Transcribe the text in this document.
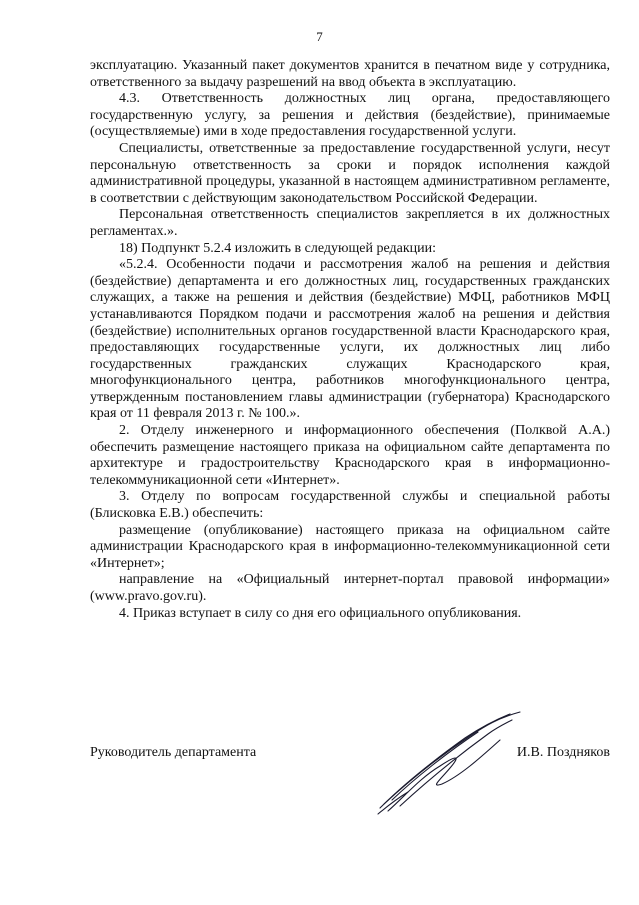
7

эксплуатацию. Указанный пакет документов хранится в печатном виде у сотрудника, ответственного за выдачу разрешений на ввод объекта в эксплуатацию.

4.3. Ответственность должностных лиц органа, предоставляющего государственную услугу, за решения и действия (бездействие), принимаемые (осуществляемые) ими в ходе предоставления государственной услуги.

Специалисты, ответственные за предоставление государственной услуги, несут персональную ответственность за сроки и порядок исполнения каждой административной процедуры, указанной в настоящем административном регламенте, в соответствии с действующим законодательством Российской Федерации.

Персональная ответственность специалистов закрепляется в их должностных регламентах.».

18) Подпункт 5.2.4 изложить в следующей редакции:

«5.2.4. Особенности подачи и рассмотрения жалоб на решения и действия (бездействие) департамента и его должностных лиц, государственных гражданских служащих, а также на решения и действия (бездействие) МФЦ, работников МФЦ устанавливаются Порядком подачи и рассмотрения жалоб на решения и действия (бездействие) исполнительных органов государственной власти Краснодарского края, предоставляющих государственные услуги, их должностных лиц либо государственных гражданских служащих Краснодарского края, многофункционального центра, работников многофункционального центра, утвержденным постановлением главы администрации (губернатора) Краснодарского края от 11 февраля 2013 г. № 100.».

2. Отделу инженерного и информационного обеспечения (Полквой А.А.) обеспечить размещение настоящего приказа на официальном сайте департамента по архитектуре и градостроительству Краснодарского края в информационно-телекоммуникационной сети «Интернет».

3. Отделу по вопросам государственной службы и специальной работы (Блисковка Е.В.) обеспечить:

размещение (опубликование) настоящего приказа на официальном сайте администрации Краснодарского края в информационно-телекоммуникационной сети «Интернет»;

направление на «Официальный интернет-портал правовой информации» (www.pravo.gov.ru).

4. Приказ вступает в силу со дня его официального опубликования.

Руководитель департамента	И.В. Поздняков
